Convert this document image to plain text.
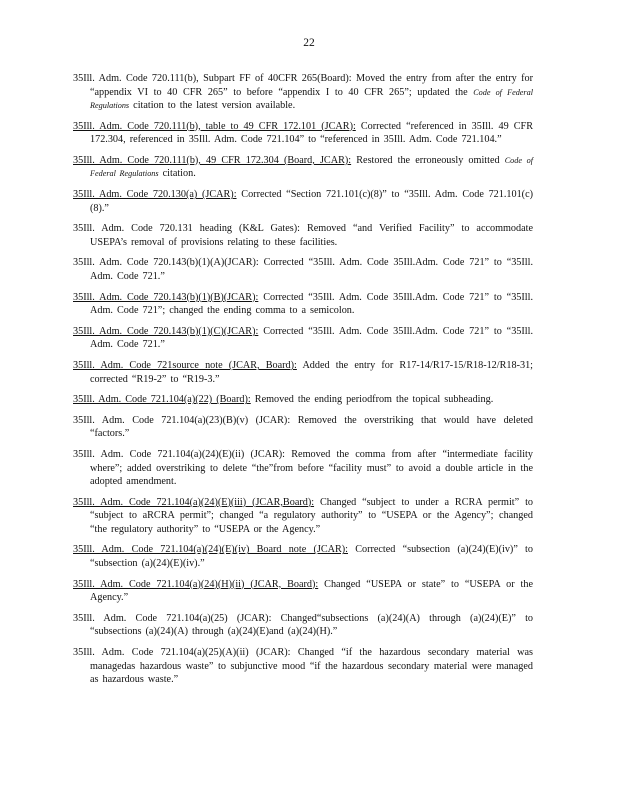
22

35Ill. Adm. Code 720.111(b), Subpart FF of 40CFR 265(Board): Moved the entry from after the entry for “appendix VI to 40 CFR 265” to before “appendix I to 40 CFR 265”; updated the Code of Federal Regulations citation to the latest version available.

35Ill. Adm. Code 720.111(b), table to 49 CFR 172.101 (JCAR): Corrected “referenced in 35Ill. 49 CFR 172.304, referenced in 35Ill. Adm. Code 721.104” to “referenced in 35Ill. Adm. Code 721.104.”

35Ill. Adm. Code 720.111(b), 49 CFR 172.304 (Board, JCAR): Restored the erroneously omitted Code of Federal Regulations citation.

35Ill. Adm. Code 720.130(a) (JCAR): Corrected “Section 721.101(c)(8)” to “35Ill. Adm. Code 721.101(c)(8).”

35Ill. Adm. Code 720.131 heading (K&L Gates): Removed “and Verified Facility” to accommodate USEPA’s removal of provisions relating to these facilities.

35Ill. Adm. Code 720.143(b)(1)(A)(JCAR): Corrected “35Ill. Adm. Code 35Ill.Adm. Code 721” to “35Ill. Adm. Code 721.”

35Ill. Adm. Code 720.143(b)(1)(B)(JCAR): Corrected “35Ill. Adm. Code 35Ill.Adm. Code 721” to “35Ill. Adm. Code 721”; changed the ending comma to a semicolon.

35Ill. Adm. Code 720.143(b)(1)(C)(JCAR): Corrected “35Ill. Adm. Code 35Ill.Adm. Code 721” to “35Ill. Adm. Code 721.”

35Ill. Adm. Code 721source note (JCAR, Board): Added the entry for R17-14/R17-15/R18-12/R18-31; corrected “R19-2” to “R19-3.”

35Ill. Adm. Code 721.104(a)(22) (Board): Removed the ending periodfrom the topical subheading.

35Ill. Adm. Code 721.104(a)(23)(B)(v) (JCAR): Removed the overstriking that would have deleted “factors.”

35Ill. Adm. Code 721.104(a)(24)(E)(ii) (JCAR): Removed the comma from after “intermediate facility where”; added overstriking to delete “the”from before “facility must” to avoid a double article in the adopted amendment.

35Ill. Adm. Code 721.104(a)(24)(E)(iii) (JCAR,Board): Changed “subject to under a RCRA permit” to “subject to aRCRA permit”; changed “a regulatory authority” to “USEPA or the Agency”; changed “the regulatory authority” to “USEPA or the Agency.”

35Ill. Adm. Code 721.104(a)(24)(E)(iv) Board note (JCAR): Corrected “subsection (a)(24)(E)(iv)” to “subsection (a)(24)(E)(iv).”

35Ill. Adm. Code 721.104(a)(24)(H)(ii) (JCAR, Board): Changed “USEPA or state” to “USEPA or the Agency.”

35Ill. Adm. Code 721.104(a)(25) (JCAR): Changed“subsections (a)(24)(A) through (a)(24)(E)” to “subsections (a)(24)(A) through (a)(24)(E)and (a)(24)(H).”

35Ill. Adm. Code 721.104(a)(25)(A)(ii) (JCAR): Changed “if the hazardous secondary material was managedas hazardous waste” to subjunctive mood “if the hazardous secondary material were managed as hazardous waste.”
